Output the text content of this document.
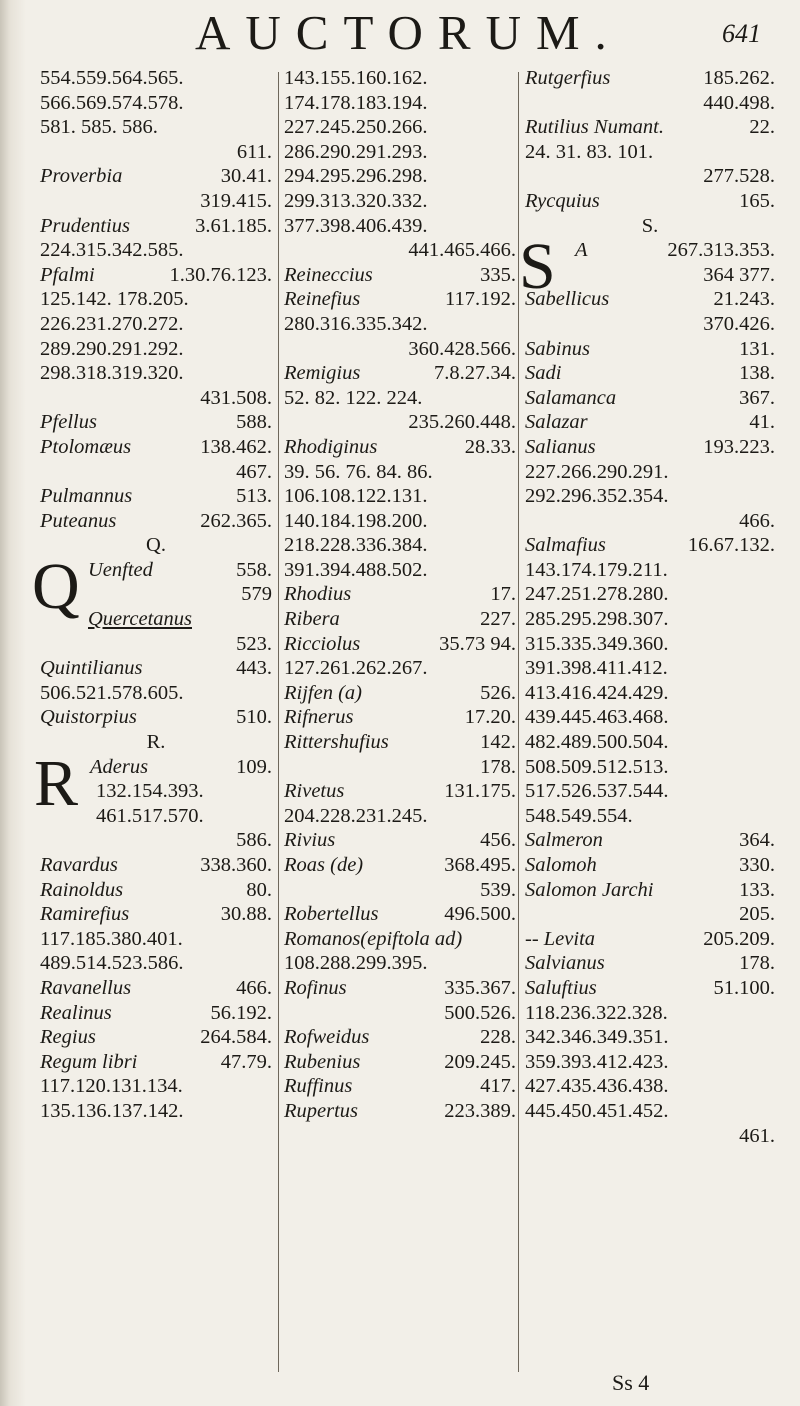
AUCTORUM.	641
554.559.564.565.
566.569.574.578.
581. 585. 586.
611.
Proverbia	30.41.
319.415.
Prudentius	3.61.185.
224.315.342.585.
Pfalmi	1.30.76.123.
125.142. 178.205.
226.231.270.272.
289.290.291.292.
298.318.319.320.
431.508.
Pfellus	588.
Ptolomæus	138.462.
467.
Pulmannus	513.
Puteanus	262.365.
Q.
Q Uenfted	558.
579
Quercetanus
523.
Quintilianus	443.
506.521.578.605.
Quistorpius	510.
R.
R Aderus	109.
132.154.393.
461.517.570.
586.
Ravardus	338.360.
Rainoldus	80.
Ramirefius	30.88.
117.185.380.401.
489.514.523.586.
Ravanellus	466.
Realinus	56.192.
Regius	264.584.
Regum libri	47.79.
117.120.131.134.
135.136.137.142.
143.155.160.162.
174.178.183.194.
227.245.250.266.
286.290.291.293.
294.295.296.298.
299.313.320.332.
377.398.406.439.
441.465.466.
Reineccius	335.
Reinefius	117.192.
280.316.335.342.
360.428.566.
Remigius	7.8.27.34.
52. 82. 122. 224.
235.260.448.
Rhodiginus	28.33.
39. 56. 76. 84. 86.
106.108.122.131.
140.184.198.200.
218.228.336.384.
391.394.488.502.
Rhodius	17.
Ribera	227.
Ricciolus	35.73 94.
127.261.262.267.
Rijfen (a)	526.
Rifnerus	17.20.
Rittershufius	142.
178.
Rivetus	131.175.
204.228.231.245.
Rivius	456.
Roas (de)	368.495.
539.
Robertellus	496.500.
Romanos(epiftola ad)
108.288.299.395.
Rofinus	335.367.
500.526.
Rofweidus	228.
Rubenius	209.245.
Ruffinus	417.
Rupertus	223.389.
Rutgerfius	185.262.
440.498.
Rutilius Numant.	22.
24. 31. 83. 101.
277.528.
Rycquius	165.
S.
S A	267.313.353.
364 377.
Sabellicus	21.243.
370.426.
Sabinus	131.
Sadi	138.
Salamanca	367.
Salazar	41.
Salianus	193.223.
227.266.290.291.
292.296.352.354.
466.
Salmafius	16.67.132.
143.174.179.211.
247.251.278.280.
285.295.298.307.
315.335.349.360.
391.398.411.412.
413.416.424.429.
439.445.463.468.
482.489.500.504.
508.509.512.513.
517.526.537.544.
548.549.554.
Salmeron	364.
Salomoh	330.
Salomon Jarchi	133.
205.
-- Levita	205.209.
Salvianus	178.
Saluftius	51.100.
118.236.322.328.
342.346.349.351.
359.393.412.423.
427.435.436.438.
445.450.451.452.
461.
Ss 4
